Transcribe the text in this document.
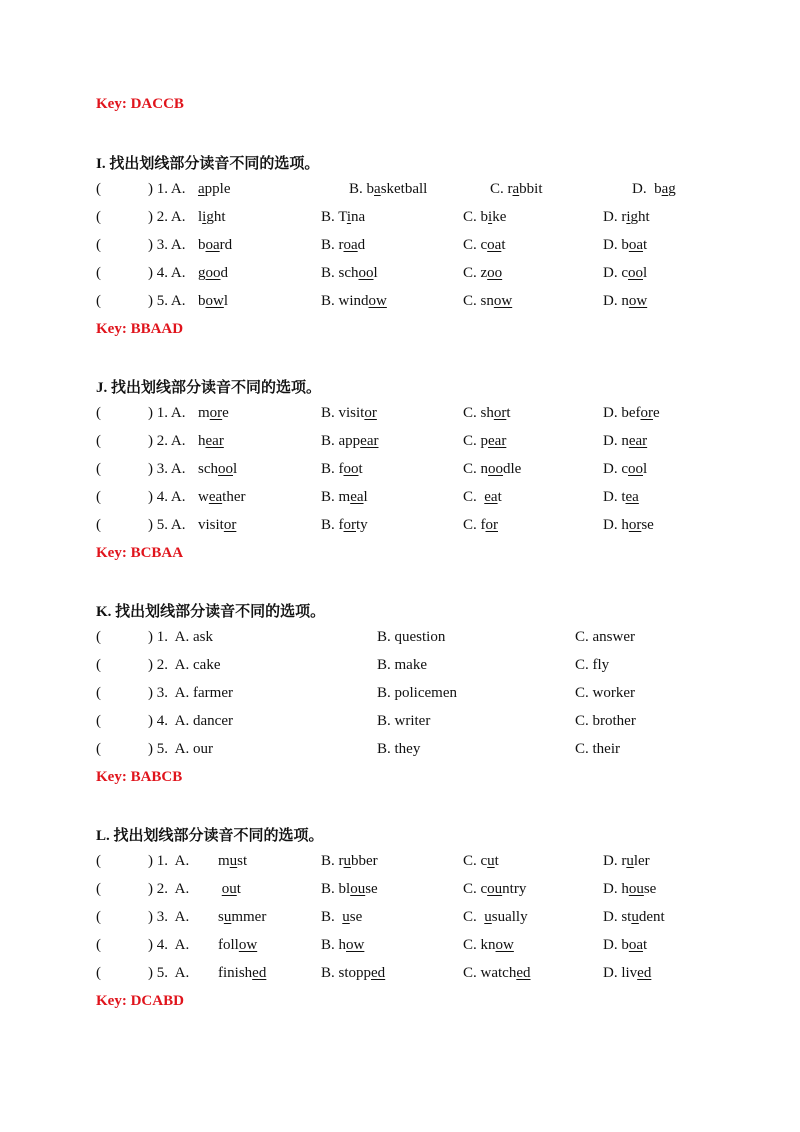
Key: DACCB
I. 找出划线部分读音不同的选项。
(	) 1. A. apple	B. basketball	C. rabbit	D.  bag
(	) 2. A. light	B. Tina	C. bike	D. right
(	) 3. A. board	B. road	C. coat	D. boat
(	) 4. A. good	B. school	C. zoo	D. cool
(	) 5. A. bowl	B. window	C. snow	D. now
Key: BBAAD
J. 找出划线部分读音不同的选项。
(	) 1. A. more	B. visitor	C. short	D. before
(	) 2. A. hear	B. appear	C. pear	D. near
(	) 3. A. school	B. foot	C. noodle	D. cool
(	) 4. A. weather	B. meal	C.  eat	D. tea
(	) 5. A. visitor	B. forty	C. for	D. horse
Key: BCBAA
K. 找出划线部分读音不同的选项。
(	) 1.  A. ask	B. question	C. answer
(	) 2.  A. cake	B. make	C. fly
(	) 3.  A. farmer	B. policemen	C. worker
(	) 4.  A. dancer	B. writer	C. brother
(	) 5.  A. our	B. they	C. their
Key: BABCB
L. 找出划线部分读音不同的选项。
(	) 1.  A. must	B. rubber	C. cut	D. ruler
(	) 2.  A. out	B. blouse	C. country	D. house
(	) 3.  A. summer	B.  use	C.  usually	D. student
(	) 4.  A. follow	B. how	C. know	D. boat
(	) 5.  A. finished	B. stopped	C. watched	D. lived
Key: DCABD
